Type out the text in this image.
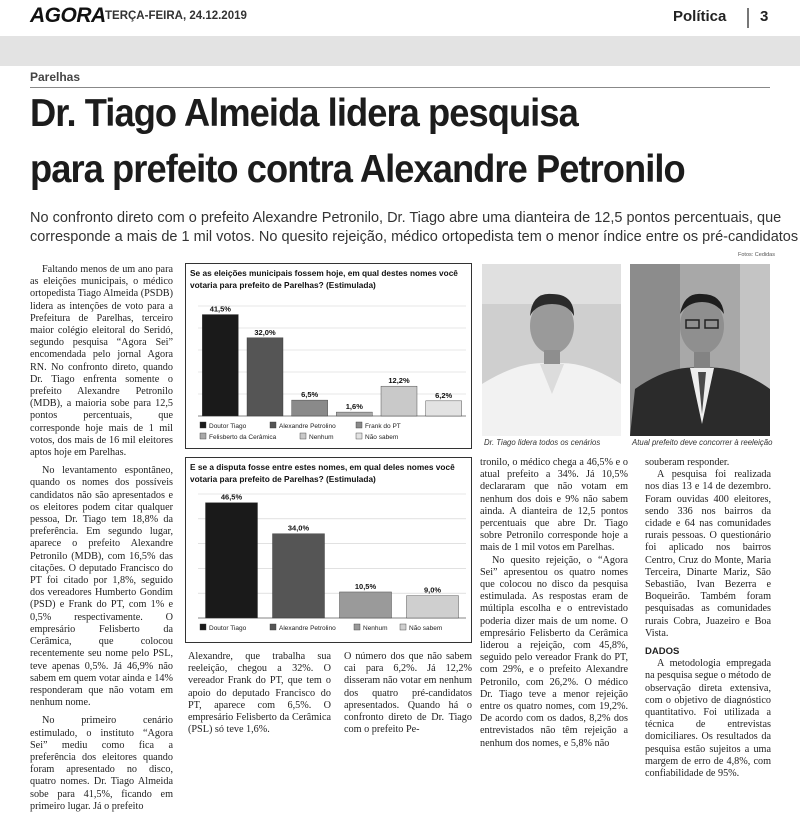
AGORA TERÇA-FEIRA, 24.12.2019	Política 3
Parelhas
Dr. Tiago Almeida lidera pesquisa
para prefeito contra Alexandre Petronilo
No confronto direto com o prefeito Alexandre Petronilo, Dr. Tiago abre uma dianteira de 12,5 pontos percentuais, que
corresponde a mais de 1 mil votos. No quesito rejeição, médico ortopedista tem o menor índice entre os pré-candidatos
Fotos: Cedidas

Faltando menos de um ano para as eleições municipais, o médico ortopedista Tiago Almeida (PSDB) lidera as intenções de voto para a Prefeitura de Parelhas, terceiro maior colégio eleitoral do Seridó, segundo pesquisa “Agora Sei” encomendada pelo jornal Agora RN. No confronto direto, quando Dr. Tiago enfrenta somente o prefeito Alexandre Petronilo (MDB), a maioria sobe para 12,5 pontos percentuais, que corresponde hoje mais de 1 mil votos, dos mais de 16 mil eleitores aptos hoje em Parelhas.

No levantamento espontâneo, quando os nomes dos possíveis candidatos não são apresentados e os eleitores podem citar qualquer pessoa, Dr. Tiago tem 18,8% da preferência. Em segundo lugar, aparece o prefeito Alexandre Petronilo (MDB), com 16,5% das citações. O deputado Francisco do PT foi citado por 1,8%, seguido dos vereadores Humberto Gondim (PSD) e Frank do PT, com 1% e 0,5% respectivamente. O empresário Felisberto da Cerâmica, que colocou recentemente seu nome pelo PSL, teve apenas 0,5%. Já 46,9% não sabem em quem votar ainda e 14% responderam que não votam em nenhum nome.

No primeiro cenário estimulado, o instituto “Agora Sei” mediu como fica a preferência dos eleitores quando foram apresentado no disco, quatro nomes. Dr. Tiago Almeida sobe para 41,5%, ficando em primeiro lugar. Já o prefeito

Se as eleições municipais fossem hoje, em qual destes nomes você votaria para prefeito de Parelhas? (Estimulada)
41,5%
32,0%
6,5%
1,6%
12,2%
6,2%
Doutor Tiago	Alexandre Petrolino	Frank do PT
Felisberto da Cerâmica	Nenhum	Não sabem
E se a disputa fosse entre estes nomes, em qual deles nomes você votaria para prefeito de Parelhas? (Estimulada)
46,5%
34,0%
10,5%	9,0%
Doutor Tiago	Alexandre Petrolino	Nenhum	Não sabem

Alexandre, que trabalha sua reeleição, chegou a 32%. O vereador Frank do PT, que tem o apoio do deputado Francisco do PT, aparece com 6,5%. O empresário Felisberto da Cerâmica (PSL) só teve 1,6%.

O número dos que não sabem cai para 6,2%. Já 12,2% disseram não votar em nenhum dos quatro pré-candidatos apresentados. Quando há o confronto direto de Dr. Tiago com o prefeito Pe-

Dr. Tiago lidera todos os cenários	Atual prefeito deve concorrer à reeleição

tronilo, o médico chega a 46,5% e o atual prefeito a 34%. Já 10,5% declararam que não votam em nenhum dos dois e 9% não sabem ainda. A dianteira de 12,5 pontos percentuais que abre Dr. Tiago sobre Petronilo corresponde hoje a mais de 1 mil votos em Parelhas.

No quesito rejeição, o “Agora Sei” apresentou os quatro nomes que colocou no disco da pesquisa estimulada. As respostas eram de múltipla escolha e o entrevistado poderia dizer mais de um nome. O empresário Felisberto da Cerâmica liderou a rejeição, com 45,8%, seguido pelo vereador Frank do PT, com 29%, e o prefeito Alexandre Petronilo, com 26,2%. O médico Dr. Tiago teve a menor rejeição entre os quatro nomes, com 19,2%. De acordo com os dados, 8,2% dos entrevistados não têm rejeição a nenhum dos nomes, e 5,8% não

souberam responder.

A pesquisa foi realizada nos dias 13 e 14 de dezembro. Foram ouvidas 400 eleitores, sendo 336 nos bairros da cidade e 64 nas comunidades rurais pessoas. O questionário foi aplicado nos bairros Centro, Cruz do Monte, Maria Terceira, Dinarte Mariz, São Sebastião, Ivan Bezerra e Boqueirão. Também foram pesquisadas as comunidades rurais Cobra, Juazeiro e Boa Vista.

DADOS

A metodologia empregada na pesquisa segue o método de observação direta extensiva, com o objetivo de diagnóstico quantitativo. Foi utilizada a técnica de entrevistas domiciliares. Os resultados da pesquisa estão sujeitos a uma margem de erro de 4,8%, com confiabilidade de 95%.
